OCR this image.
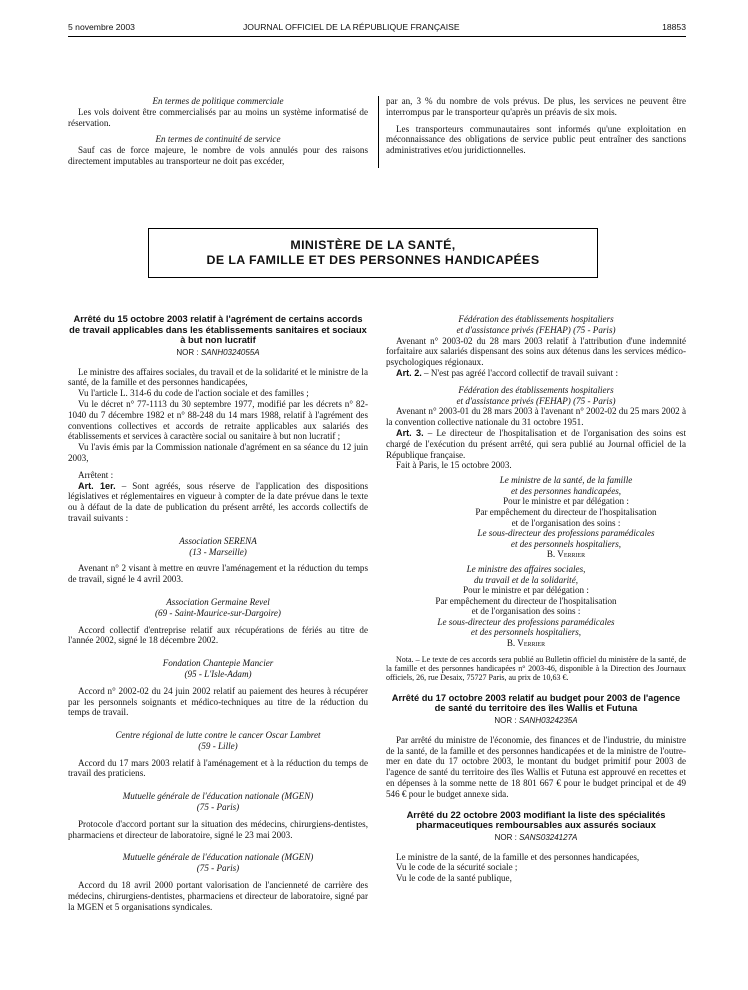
5 novembre 2003	JOURNAL OFFICIEL DE LA RÉPUBLIQUE FRANÇAISE	18853
En termes de politique commerciale

Les vols doivent être commercialisés par au moins un système informatisé de réservation.

En termes de continuité de service

Sauf cas de force majeure, le nombre de vols annulés pour des raisons directement imputables au transporteur ne doit pas excéder,

par an, 3 % du nombre de vols prévus. De plus, les services ne peuvent être interrompus par le transporteur qu'après un préavis de six mois.

Les transporteurs communautaires sont informés qu'une exploitation en méconnaissance des obligations de service public peut entraîner des sanctions administratives et/ou juridictionnelles.

MINISTÈRE DE LA SANTÉ,
DE LA FAMILLE ET DES PERSONNES HANDICAPÉES
Arrêté du 15 octobre 2003 relatif à l'agrément de certains accords de travail applicables dans les établissements sanitaires et sociaux à but non lucratif
NOR : SANH0324055A

Le ministre des affaires sociales, du travail et de la solidarité et le ministre de la santé, de la famille et des personnes handicapées,

Vu l'article L. 314-6 du code de l'action sociale et des familles ;

Vu le décret n° 77-1113 du 30 septembre 1977, modifié par les décrets n° 82-1040 du 7 décembre 1982 et n° 88-248 du 14 mars 1988, relatif à l'agrément des conventions collectives et accords de retraite applicables aux salariés des établissements et services à caractère social ou sanitaire à but non lucratif ;

Vu l'avis émis par la Commission nationale d'agrément en sa séance du 12 juin 2003,

Arrêtent :

Art. 1er. – Sont agréés, sous réserve de l'application des dispositions législatives et réglementaires en vigueur à compter de la date prévue dans le texte ou à défaut de la date de publication du présent arrêté, les accords collectifs de travail suivants :

Association SERENA
(13 - Marseille)

Avenant n° 2 visant à mettre en œuvre l'aménagement et la réduction du temps de travail, signé le 4 avril 2003.

Association Germaine Revel
(69 - Saint-Maurice-sur-Dargoire)

Accord collectif d'entreprise relatif aux récupérations de fériés au titre de l'année 2002, signé le 18 décembre 2002.

Fondation Chantepie Mancier
(95 - L'Isle-Adam)

Accord n° 2002-02 du 24 juin 2002 relatif au paiement des heures à récupérer par les personnels soignants et médico-techniques au titre de la réduction du temps de travail.

Centre régional de lutte contre le cancer Oscar Lambret
(59 - Lille)

Accord du 17 mars 2003 relatif à l'aménagement et à la réduction du temps de travail des praticiens.

Mutuelle générale de l'éducation nationale (MGEN)
(75 - Paris)

Protocole d'accord portant sur la situation des médecins, chirurgiens-dentistes, pharmaciens et directeur de laboratoire, signé le 23 mai 2003.

Mutuelle générale de l'éducation nationale (MGEN)
(75 - Paris)

Accord du 18 avril 2000 portant valorisation de l'ancienneté de carrière des médecins, chirurgiens-dentistes, pharmaciens et directeur de laboratoire, signé par la MGEN et 5 organisations syndicales.

Fédération des établissements hospitaliers
et d'assistance privés (FEHAP) (75 - Paris)

Avenant n° 2003-02 du 28 mars 2003 relatif à l'attribution d'une indemnité forfaitaire aux salariés dispensant des soins aux détenus dans les services médico-psychologiques régionaux.

Art. 2. – N'est pas agréé l'accord collectif de travail suivant :

Fédération des établissements hospitaliers
et d'assistance privés (FEHAP) (75 - Paris)

Avenant n° 2003-01 du 28 mars 2003 à l'avenant n° 2002-02 du 25 mars 2002 à la convention collective nationale du 31 octobre 1951.

Art. 3. – Le directeur de l'hospitalisation et de l'organisation des soins est chargé de l'exécution du présent arrêté, qui sera publié au Journal officiel de la République française.

Fait à Paris, le 15 octobre 2003.

Le ministre de la santé, de la famille
et des personnes handicapées,
Pour le ministre et par délégation :
Par empêchement du directeur de l'hospitalisation
et de l'organisation des soins :
Le sous-directeur des professions paramédicales
et des personnels hospitaliers,
B. Verrier
Le ministre des affaires sociales,
du travail et de la solidarité,
Pour le ministre et par délégation :
Par empêchement du directeur de l'hospitalisation
et de l'organisation des soins :
Le sous-directeur des professions paramédicales
et des personnels hospitaliers,
B. Verrier

Nota. – Le texte de ces accords sera publié au Bulletin officiel du ministère de la santé, de la famille et des personnes handicapées n° 2003-46, disponible à la Direction des Journaux officiels, 26, rue Desaix, 75727 Paris, au prix de 10,63 €.

Arrêté du 17 octobre 2003 relatif au budget pour 2003 de l'agence de santé du territoire des îles Wallis et Futuna
NOR : SANH0324235A

Par arrêté du ministre de l'économie, des finances et de l'industrie, du ministre de la santé, de la famille et des personnes handicapées et de la ministre de l'outre-mer en date du 17 octobre 2003, le montant du budget primitif pour 2003 de l'agence de santé du territoire des îles Wallis et Futuna est approuvé en recettes et en dépenses à la somme nette de 18 801 667 € pour le budget principal et de 49 546 € pour le budget annexe sida.

Arrêté du 22 octobre 2003 modifiant la liste des spécialités pharmaceutiques remboursables aux assurés sociaux
NOR : SANS0324127A

Le ministre de la santé, de la famille et des personnes handicapées,

Vu le code de la sécurité sociale ;

Vu le code de la santé publique,
